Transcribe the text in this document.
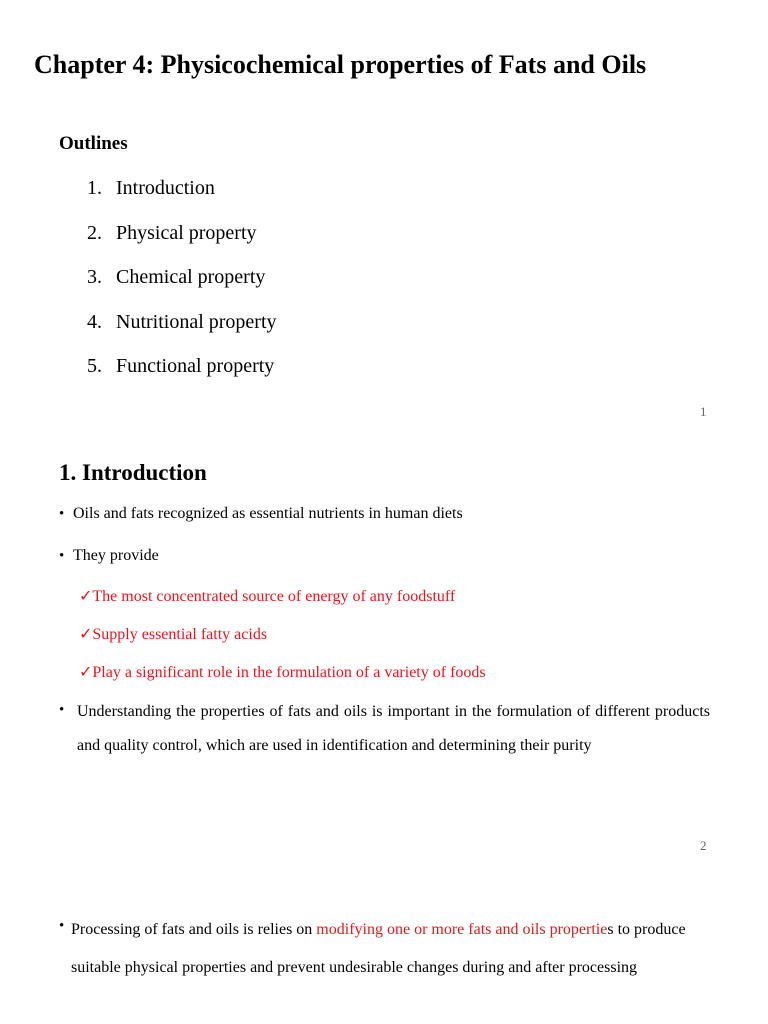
Chapter 4: Physicochemical properties of Fats and Oils
Outlines
1. Introduction
2. Physical property
3. Chemical property
4. Nutritional property
5. Functional property
1
1. Introduction
• Oils and fats recognized as essential nutrients in human diets
• They provide
✓The most concentrated source of energy of any foodstuff
✓Supply essential fatty acids
✓Play a significant role in the formulation of a variety of foods
• Understanding the properties of fats and oils is important in the formulation of different products and quality control, which are used in identification and determining their purity
2
• Processing of fats and oils is relies on modifying one or more fats and oils properties to produce suitable physical properties and prevent undesirable changes during and after processing
